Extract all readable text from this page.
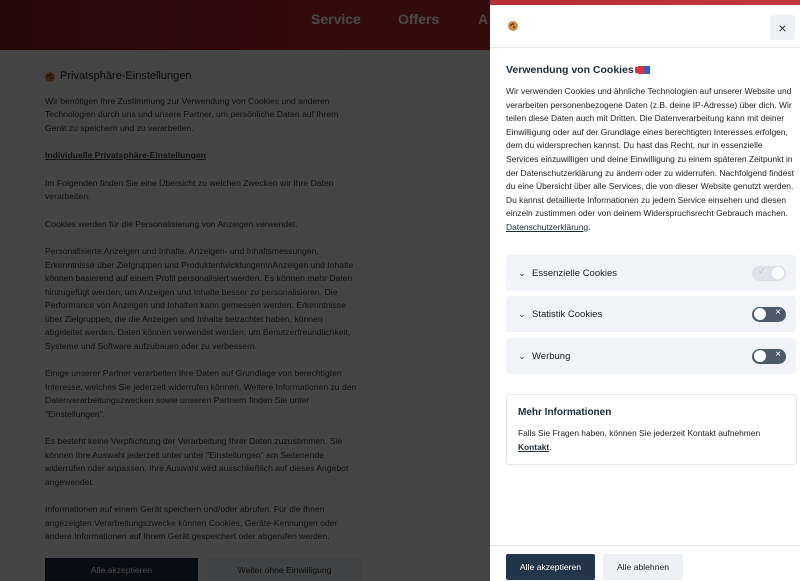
×
Verwendung von Cookies

Wir verwenden Cookies und ähnliche Technologien auf unserer Website und verarbeiten personenbezogene Daten (z.B. deine IP-Adresse) über dich. Wir teilen diese Daten auch mit Dritten. Die Datenverarbeitung kann mit deiner Einwilligung oder auf der Grundlage eines berechtigten Interesses erfolgen, dem du widersprechen kannst. Du hast das Recht, nur in essenzielle Services einzuwilligen und deine Einwilligung zu einem späteren Zeitpunkt in der Datenschutzerklärung zu ändern oder zu widerrufen. Nachfolgend findest du eine Übersicht über alle Services, die von dieser Website genutzt werden. Du kannst detaillierte Informationen zu jedem Service einsehen und diesen einzeln zustimmen oder von deinem Widerspruchsrecht Gebrauch machen. Datenschutzerklärung.

⌄ Essenzielle Cookies	✓
⌄ Statistik Cookies	×
⌄ Werbung	×
Mehr Informationen

Falls Sie Fragen haben, können Sie jederzeit Kontakt aufnehmen Kontakt.

Alle akzeptieren	Alle ablehnen
